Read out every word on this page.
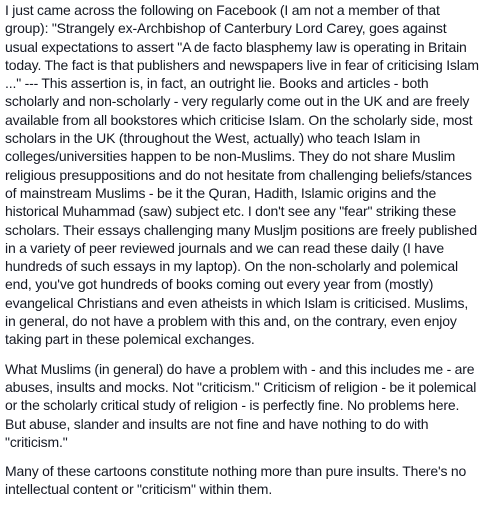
I just came across the following on Facebook (I am not a member of that group): "Strangely ex-Archbishop of Canterbury Lord Carey, goes against usual expectations to assert "A de facto blasphemy law is operating in Britain today. The fact is that publishers and newspapers live in fear of criticising Islam ..." --- This assertion is, in fact, an outright lie. Books and articles - both scholarly and non-scholarly - very regularly come out in the UK and are freely available from all bookstores which criticise Islam. On the scholarly side, most scholars in the UK (throughout the West, actually) who teach Islam in colleges/universities happen to be non-Muslims. They do not share Muslim religious presuppositions and do not hesitate from challenging beliefs/stances of mainstream Muslims - be it the Quran, Hadith, Islamic origins and the historical Muhammad (saw) subject etc. I don't see any "fear" striking these scholars. Their essays challenging many Musljm positions are freely published in a variety of peer reviewed journals and we can read these daily (I have hundreds of such essays in my laptop). On the non-scholarly and polemical end, you've got hundreds of books coming out every year from (mostly) evangelical Christians and even atheists in which Islam is criticised. Muslims, in general, do not have a problem with this and, on the contrary, even enjoy taking part in these polemical exchanges.

What Muslims (in general) do have a problem with - and this includes me - are abuses, insults and mocks. Not "criticism." Criticism of religion - be it polemical or the scholarly critical study of religion - is perfectly fine. No problems here. But abuse, slander and insults are not fine and have nothing to do with "criticism."

Many of these cartoons constitute nothing more than pure insults. There's no intellectual content or "criticism" within them.
